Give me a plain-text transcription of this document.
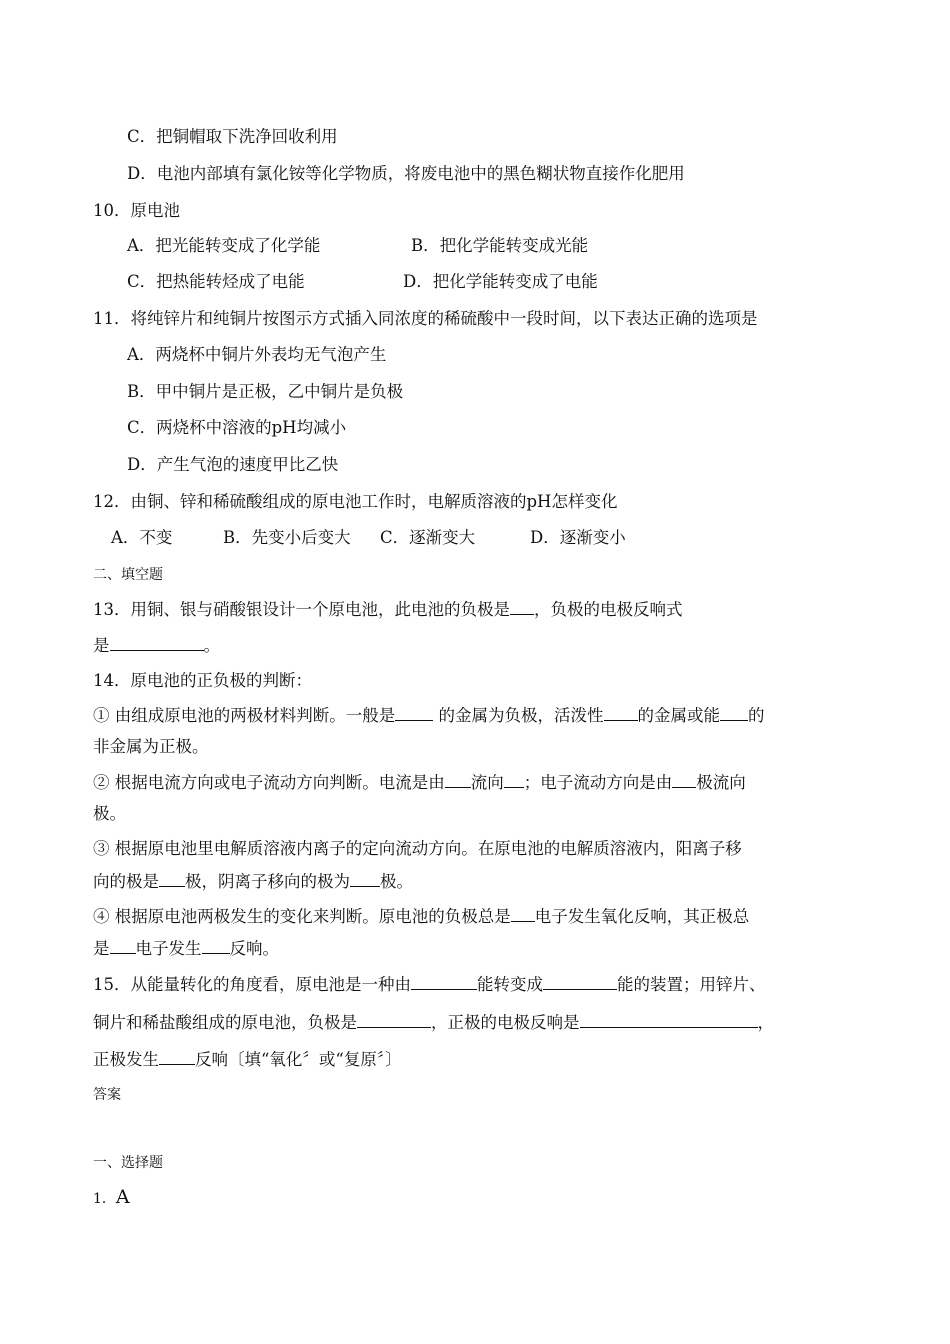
C．把铜帽取下洗净回收利用
D．电池内部填有氯化铵等化学物质，将废电池中的黑色糊状物直接作化肥用
10．原电池
A．把光能转变成了化学能	B．把化学能转变成光能
C．把热能转烃成了电能	D．把化学能转变成了电能
11．将纯锌片和纯铜片按图示方式插入同浓度的稀硫酸中一段时间，以下表达正确的选项是
A．两烧杯中铜片外表均无气泡产生
B．甲中铜片是正极，乙中铜片是负极
C．两烧杯中溶液的pH均减小
D．产生气泡的速度甲比乙快
12．由铜、锌和稀硫酸组成的原电池工作时，电解质溶液的pH怎样变化
A．不变	B．先变小后变大 C．逐渐变大	D．逐渐变小
二、填空题
13．用铜、银与硝酸银设计一个原电池，此电池的负极是 ，负极的电极反响式
是	。
14．原电池的正负极的判断：
① 由组成原电池的两极材料判断。一般是 的金属为负极，活泼性 的金属或能 的
非金属为正极。
② 根据电流方向或电子流动方向判断。电流是由 流向 ；电子流动方向是由 极流向
极。
③ 根据原电池里电解质溶液内离子的定向流动方向。在原电池的电解质溶液内，阳离子移
向的极是 极，阴离子移向的极为 极。
④ 根据原电池两极发生的变化来判断。原电池的负极总是 电子发生氧化反响，其正极总
是 电子发生 反响。
15．从能量转化的角度看，原电池是一种由	能转变成	能的装置；用锌片、
铜片和稀盐酸组成的原电池，负极是	，正极的电极反响是	，
正极发生 反响〔填“氧化〞或“复原〞〕
答案
一、选择题
1．A
